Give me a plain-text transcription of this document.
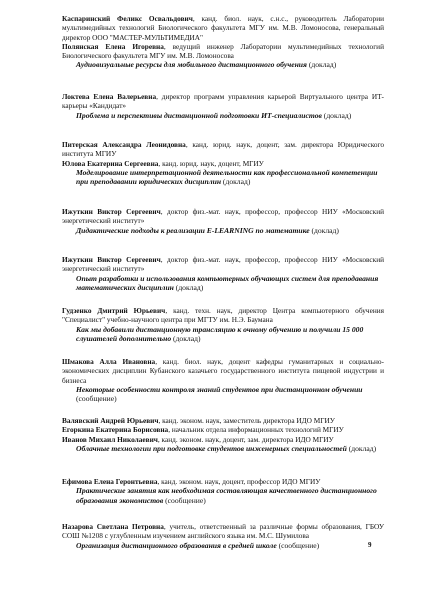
Каспаринский Феликс Освальдович, канд. биол. наук, с.н.с., руководитель Лаборатории мультимедийных технологий Биологического факультета МГУ им. М.В. Ломоносова, генеральный директор ООО "МАСТЕР-МУЛЬТИМЕДИА"

Полянская Елена Игоревна, ведущий инженер Лаборатории мультимедийных технологий Биологического факультета МГУ им. М.В. Ломоносова

Аудиовизуальные ресурсы для мобильного дистанционного обучения (доклад)

Локтева Елена Валерьевна, директор программ управления карьерой Виртуального центра ИТ-карьеры «Кандидат»

Проблема и перспективы дистанционной подготовки ИТ-специалистов (доклад)

Питерская Александра Леонидовна, канд. юрид. наук, доцент, зам. директора Юридического института МГИУ

Юлова Екатерина Сергеевна, канд. юрид. наук, доцент, МГИУ

Моделирование интерпретационной деятельности как профессиональной компетенции при преподавании юридических дисциплин (доклад)

Ижуткин Виктор Сергеевич, доктор физ.-мат. наук, профессор, профессор НИУ «Московский энергетический институт»

Дидактические подходы к реализации E-LEARNING по математике (доклад)

Ижуткин Виктор Сергеевич, доктор физ.-мат. наук, профессор, профессор НИУ «Московский энергетический институт»

Опыт разработки и использования компьютерных обучающих систем для преподавания математических дисциплин (доклад)

Гудзенко Дмитрий Юрьевич, канд. техн. наук, директор Центра компьютерного обучения "Специалист" учебно-научного центра при МГТУ им. Н.Э. Баумана

Как мы добавили дистанционную трансляцию к очному обучению и получили 15 000 слушателей дополнительно (доклад)

Шмакова Алла Ивановна, канд. биол. наук, доцент кафедры гуманитарных и социально-экономических дисциплин Кубанского казачьего государственного института пищевой индустрии и бизнеса

Некоторые особенности контроля знаний студентов при дистанционном обучении (сообщение)

Валявский Андрей Юрьевич, канд. эконом. наук, заместитель директора ИДО МГИУ

Егоркина Екатерина Борисовна, начальник отдела информационных технологий МГИУ

Иванов Михаил Николаевич, канд. эконом. наук, доцент, зам. директора ИДО МГИУ

Облачные технологии при подготовке студентов инженерных специальностей (доклад)

Ефимова Елена Геронтьевна, канд. эконом. наук, доцент, профессор ИДО МГИУ

Практические занятия как необходимая составляющая качественного дистанционного образования экономистов (сообщение)

Назарова Светлана Петровна, учитель, ответственный за различные формы образования, ГБОУ СОШ №1208 с углубленным изучением английского языка им. М.С. Шумилова

Организация дистанционного образования в средней школе (сообщение)	9
